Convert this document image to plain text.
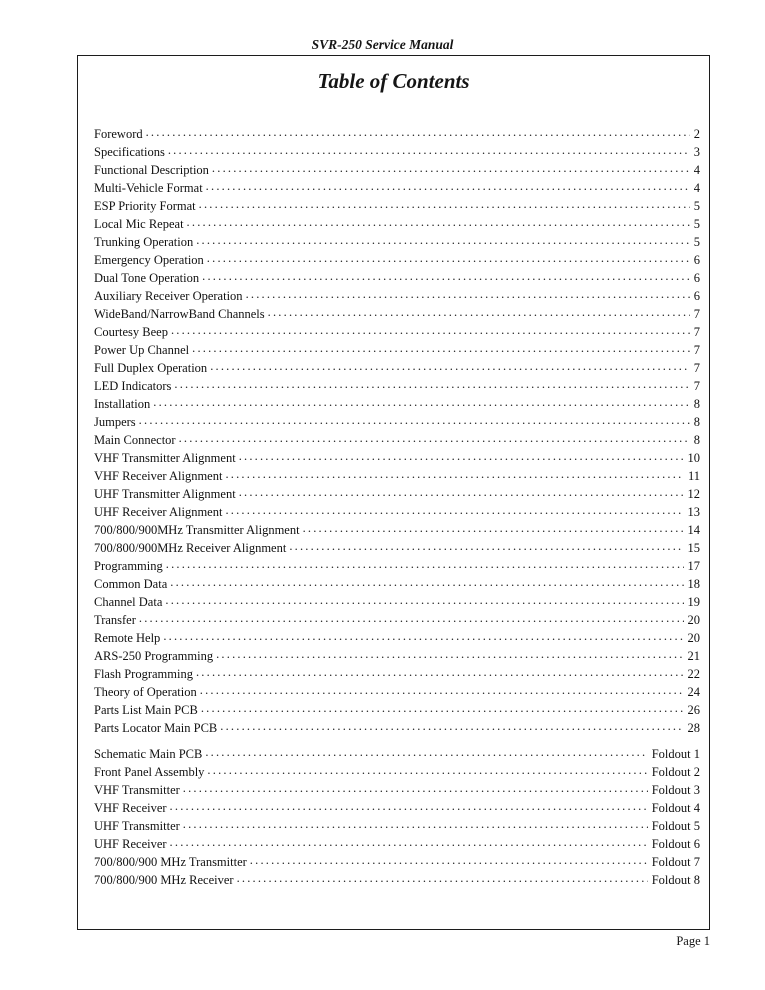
SVR-250 Service Manual
Table of Contents
Foreword .....	2
Specifications .....	3
Functional Description .....	4
Multi-Vehicle Format .....	4
ESP Priority Format .....	5
Local Mic Repeat .....	5
Trunking Operation .....	5
Emergency Operation .....	6
Dual Tone Operation .....	6
Auxiliary Receiver Operation .....	6
WideBand/NarrowBand Channels .....	7
Courtesy Beep .....	7
Power Up Channel .....	7
Full Duplex Operation .....	7
LED Indicators .....	7
Installation .....	8
Jumpers .....	8
Main Connector .....	8
VHF Transmitter Alignment .....	10
VHF Receiver Alignment .....	11
UHF Transmitter Alignment .....	12
UHF Receiver Alignment .....	13
700/800/900MHz Transmitter Alignment .....	14
700/800/900MHz Receiver Alignment .....	15
Programming .....	17
Common Data .....	18
Channel Data .....	19
Transfer .....	20
Remote Help .....	20
ARS-250 Programming .....	21
Flash Programming .....	22
Theory of Operation .....	24
Parts List Main PCB .....	26
Parts Locator Main PCB .....	28
Schematic Main PCB .....	Foldout 1
Front Panel Assembly .....	Foldout 2
VHF Transmitter .....	Foldout 3
VHF Receiver .....	Foldout 4
UHF Transmitter .....	Foldout 5
UHF Receiver .....	Foldout 6
700/800/900 MHz Transmitter .....	Foldout 7
700/800/900 MHz Receiver .....	Foldout 8
Page 1
